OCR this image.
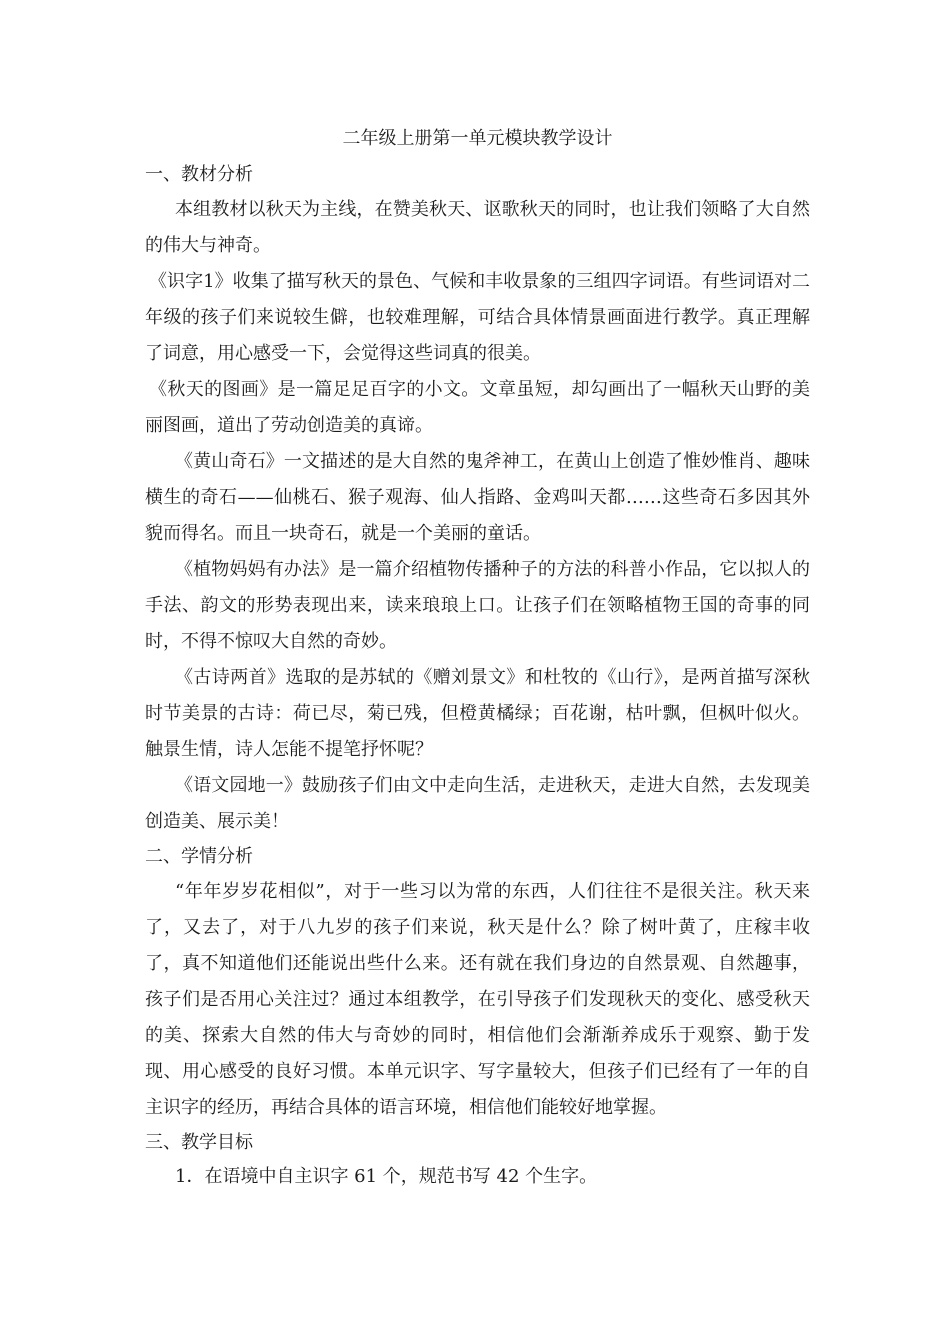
二年级上册第一单元模块教学设计
一、教材分析

本组教材以秋天为主线，在赞美秋天、讴歌秋天的同时，也让我们领略了大自然的伟大与神奇。

《识字1》收集了描写秋天的景色、气候和丰收景象的三组四字词语。有些词语对二年级的孩子们来说较生僻，也较难理解，可结合具体情景画面进行教学。真正理解了词意，用心感受一下，会觉得这些词真的很美。

《秋天的图画》是一篇足足百字的小文。文章虽短，却勾画出了一幅秋天山野的美丽图画，道出了劳动创造美的真谛。

《黄山奇石》一文描述的是大自然的鬼斧神工，在黄山上创造了惟妙惟肖、趣味横生的奇石——仙桃石、猴子观海、仙人指路、金鸡叫天都……这些奇石多因其外貌而得名。而且一块奇石，就是一个美丽的童话。

《植物妈妈有办法》是一篇介绍植物传播种子的方法的科普小作品，它以拟人的手法、韵文的形势表现出来，读来琅琅上口。让孩子们在领略植物王国的奇事的同时，不得不惊叹大自然的奇妙。

《古诗两首》选取的是苏轼的《赠刘景文》和杜牧的《山行》，是两首描写深秋时节美景的古诗：荷已尽，菊已残，但橙黄橘绿；百花谢，枯叶飘，但枫叶似火。触景生情，诗人怎能不提笔抒怀呢？

《语文园地一》鼓励孩子们由文中走向生活，走进秋天，走进大自然，去发现美创造美、展示美！

二、学情分析

“年年岁岁花相似”，对于一些习以为常的东西，人们往往不是很关注。秋天来了，又去了，对于八九岁的孩子们来说，秋天是什么？除了树叶黄了，庄稼丰收了，真不知道他们还能说出些什么来。还有就在我们身边的自然景观、自然趣事，孩子们是否用心关注过？通过本组教学，在引导孩子们发现秋天的变化、感受秋天的美、探索大自然的伟大与奇妙的同时，相信他们会渐渐养成乐于观察、勤于发现、用心感受的良好习惯。本单元识字、写字量较大，但孩子们已经有了一年的自主识字的经历，再结合具体的语言环境，相信他们能较好地掌握。

三、教学目标

1．在语境中自主识字 61 个，规范书写 42 个生字。
